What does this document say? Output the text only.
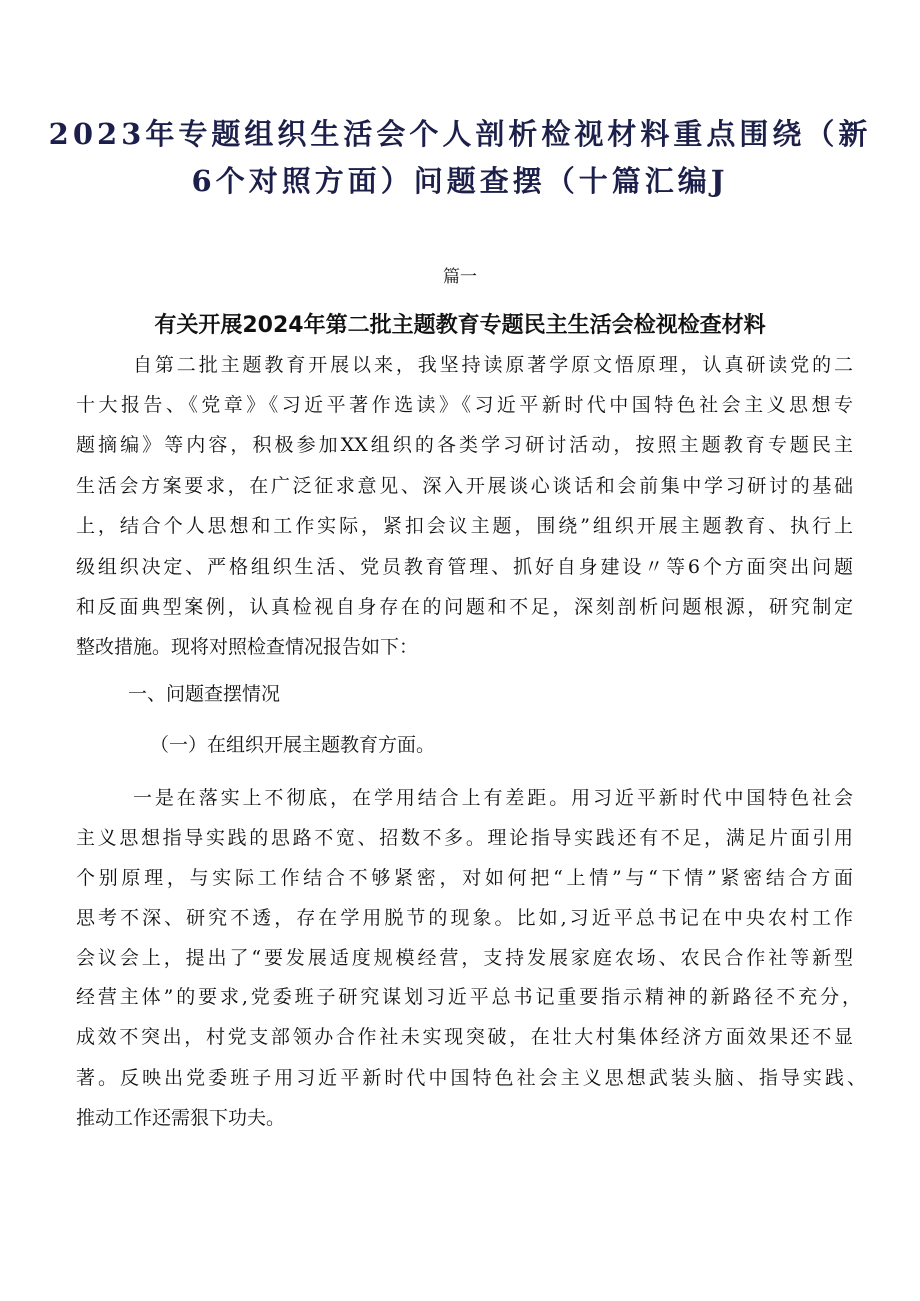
2023年专题组织生活会个人剖析检视材料重点围绕（新
6个对照方面）问题查摆（十篇汇编J
篇一
有关开展2024年第二批主题教育专题民主生活会检视检查材料
自第二批主题教育开展以来，我坚持读原著学原文悟原理，认真研读党的二
十大报告、《党章》《习近平著作选读》《习近平新时代中国特色社会主义思想专
题摘编》等内容，积极参加XX组织的各类学习研讨活动，按照主题教育专题民主
生活会方案要求，在广泛征求意见、深入开展谈心谈话和会前集中学习研讨的基础
上，结合个人思想和工作实际，紧扣会议主题，围绕”组织开展主题教育、执行上
级组织决定、严格组织生活、党员教育管理、抓好自身建设〃等6个方面突出问题
和反面典型案例，认真检视自身存在的问题和不足，深刻剖析问题根源，研究制定
整改措施。现将对照检查情况报告如下：
一、问题查摆情况
（一）在组织开展主题教育方面。
一是在落实上不彻底，在学用结合上有差距。用习近平新时代中国特色社会
主义思想指导实践的思路不宽、招数不多。理论指导实践还有不足，满足片面引用
个别原理，与实际工作结合不够紧密，对如何把“上情”与“下情”紧密结合方面
思考不深、研究不透，存在学用脱节的现象。比如,习近平总书记在中央农村工作
会议会上，提出了“要发展适度规模经营，支持发展家庭农场、农民合作社等新型
经营主体”的要求,党委班子研究谋划习近平总书记重要指示精神的新路径不充分，
成效不突出，村党支部领办合作社未实现突破，在壮大村集体经济方面效果还不显
著。反映出党委班子用习近平新时代中国特色社会主义思想武装头脑、指导实践、
推动工作还需狠下功夫。
